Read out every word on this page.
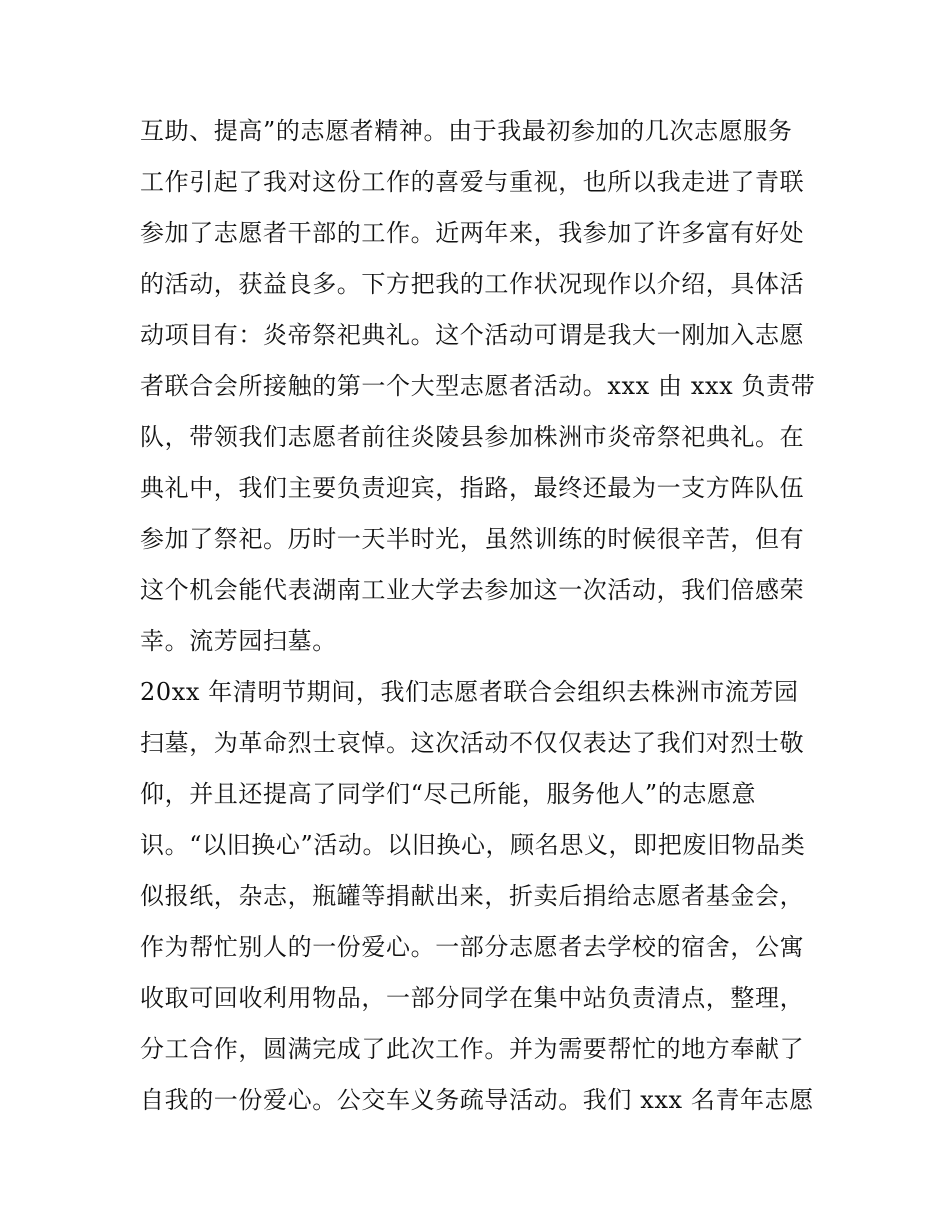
互助、提高”的志愿者精神。由于我最初参加的几次志愿服务
工作引起了我对这份工作的喜爱与重视，也所以我走进了青联
参加了志愿者干部的工作。近两年来，我参加了许多富有好处
的活动，获益良多。下方把我的工作状况现作以介绍，具体活
动项目有：炎帝祭祀典礼。这个活动可谓是我大一刚加入志愿
者联合会所接触的第一个大型志愿者活动。xxx 由 xxx 负责带
队，带领我们志愿者前往炎陵县参加株洲市炎帝祭祀典礼。在
典礼中，我们主要负责迎宾，指路，最终还最为一支方阵队伍
参加了祭祀。历时一天半时光，虽然训练的时候很辛苦，但有
这个机会能代表湖南工业大学去参加这一次活动，我们倍感荣
幸。流芳园扫墓。
20xx 年清明节期间，我们志愿者联合会组织去株洲市流芳园
扫墓，为革命烈士哀悼。这次活动不仅仅表达了我们对烈士敬
仰，并且还提高了同学们“尽己所能，服务他人”的志愿意
识。“以旧换心”活动。以旧换心，顾名思义，即把废旧物品类
似报纸，杂志，瓶罐等捐献出来，折卖后捐给志愿者基金会，
作为帮忙别人的一份爱心。一部分志愿者去学校的宿舍，公寓
收取可回收利用物品，一部分同学在集中站负责清点，整理，
分工合作，圆满完成了此次工作。并为需要帮忙的地方奉献了
自我的一份爱心。公交车义务疏导活动。我们 xxx 名青年志愿
